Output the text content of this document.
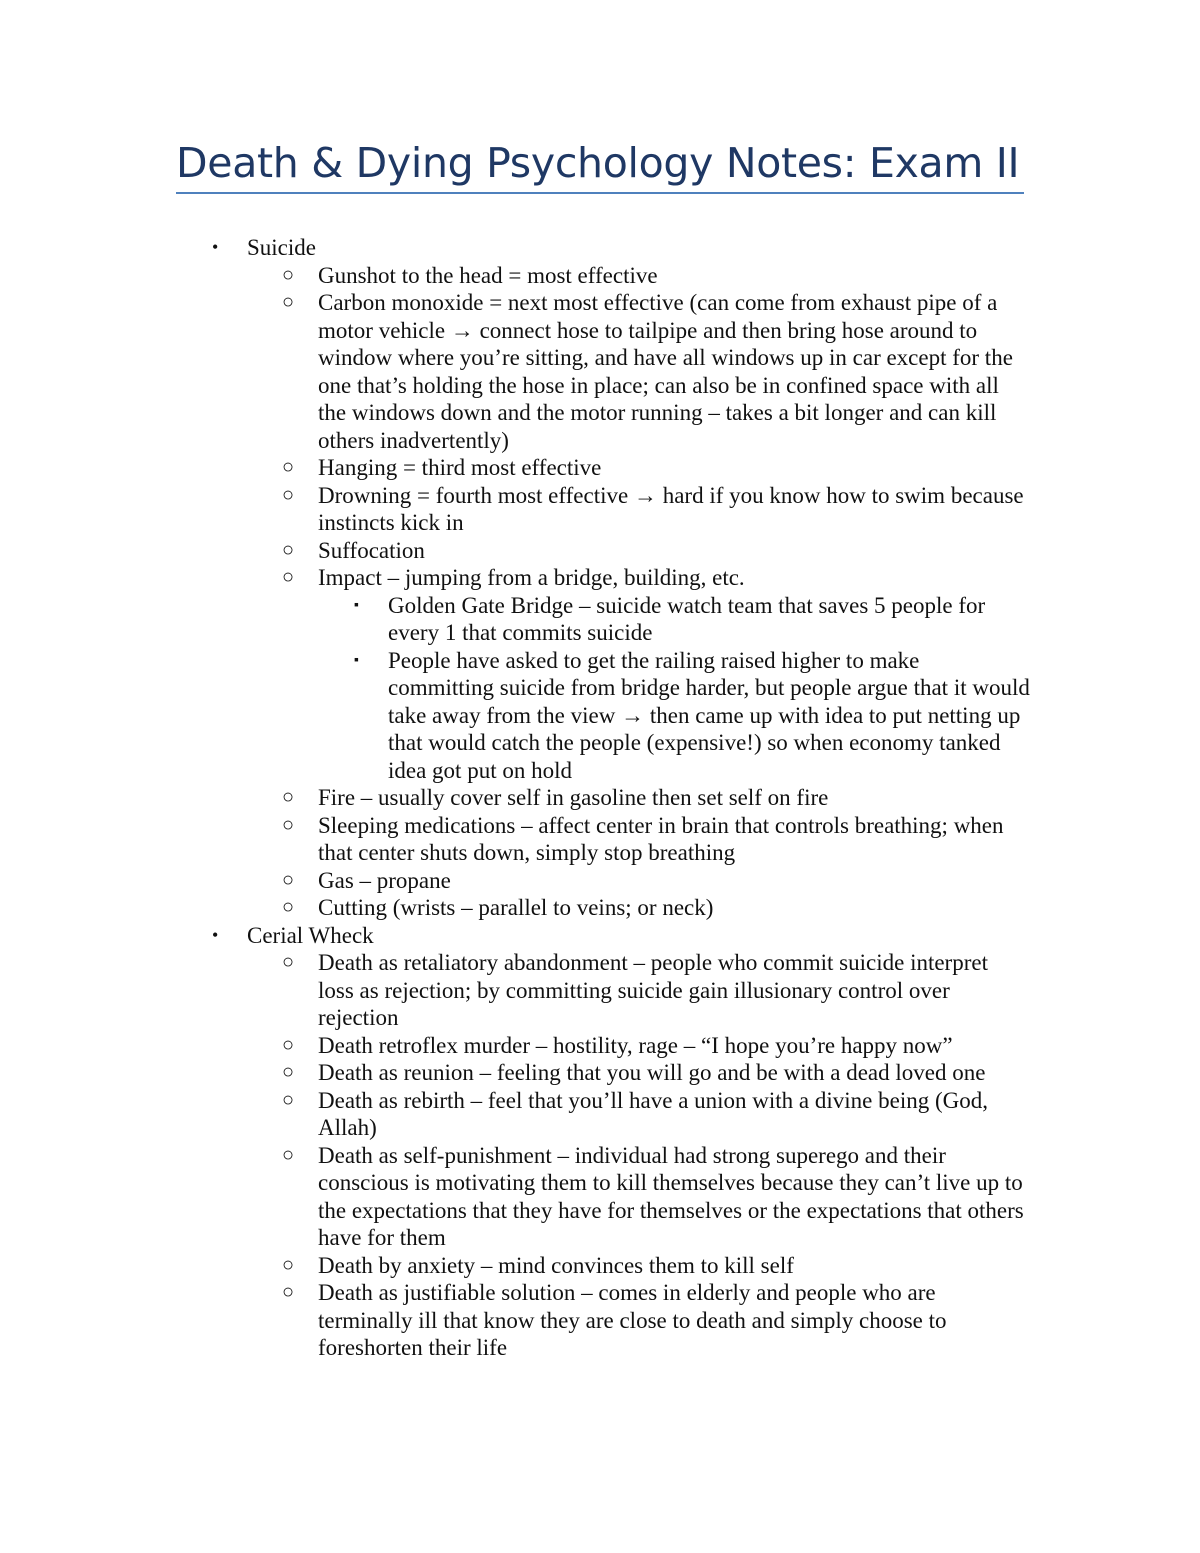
Death & Dying Psychology Notes: Exam II
• Suicide
○ Gunshot to the head = most effective
○ Carbon monoxide = next most effective (can come from exhaust pipe of a motor vehicle → connect hose to tailpipe and then bring hose around to window where you’re sitting, and have all windows up in car except for the one that’s holding the hose in place; can also be in confined space with all the windows down and the motor running – takes a bit longer and can kill others inadvertently)
○ Hanging = third most effective
○ Drowning = fourth most effective → hard if you know how to swim because instincts kick in
○ Suffocation
○ Impact – jumping from a bridge, building, etc.
▪ Golden Gate Bridge – suicide watch team that saves 5 people for every 1 that commits suicide
▪ People have asked to get the railing raised higher to make committing suicide from bridge harder, but people argue that it would take away from the view → then came up with idea to put netting up that would catch the people (expensive!) so when economy tanked idea got put on hold
○ Fire – usually cover self in gasoline then set self on fire
○ Sleeping medications – affect center in brain that controls breathing; when that center shuts down, simply stop breathing
○ Gas – propane
○ Cutting (wrists – parallel to veins; or neck)
• Cerial Wheck
○ Death as retaliatory abandonment – people who commit suicide interpret loss as rejection; by committing suicide gain illusionary control over rejection
○ Death retroflex murder – hostility, rage – “I hope you’re happy now”
○ Death as reunion – feeling that you will go and be with a dead loved one
○ Death as rebirth – feel that you’ll have a union with a divine being (God, Allah)
○ Death as self-punishment – individual had strong superego and their conscious is motivating them to kill themselves because they can’t live up to the expectations that they have for themselves or the expectations that others have for them
○ Death by anxiety – mind convinces them to kill self
○ Death as justifiable solution – comes in elderly and people who are terminally ill that know they are close to death and simply choose to foreshorten their life
